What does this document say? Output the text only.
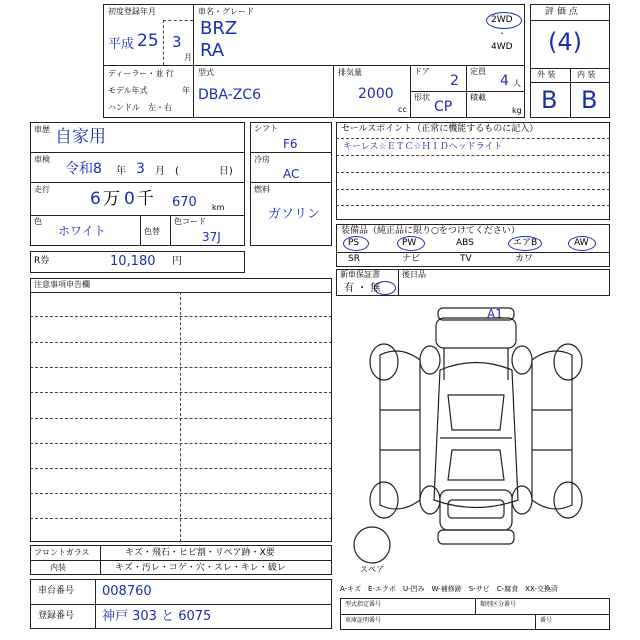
初度登録年月
平成 25 3
月
車名・グレード
BRZ
RA
2WD
・
4WD
ディーラー・並 行
モデル年式	年
ハンドル　左・右
型式
DBA-ZC6
排気量
2000
cc
ドア
2
定員
4 人
形状
CP
積載
kg
評 価 点
(4)
外 装	内 装
B B
車歴 自家用
車検
令和8 年 3 月 (　　　　日)
走行 6 万 0 千 670 km
色
ホワイト	色替
色コード
37J
R券	10,180 円
シフト
F6
冷房
AC
燃料
ガソリン
セールスポイント（正常に機能するものに記入）
キーレス☆ＥＴＣ☆ＨＩＤヘッドライト
装備品（純正品に限り○をつけてください）
PS	PW	ABS	エアB	AW
SR	ナビ	TV	カワ
新車保証書
有 ・ 無
後日品
注意事項申告欄
A1
スペア
フロントガラス	キズ・飛石・ヒビ割・リペア跡・X要
内装	キズ・汚レ・コゲ・穴・スレ・キレ・破レ
車台番号 008760
登録番号 神戸 303 と 6075
A-キズ　E-エクボ　U-凹み　W-補修跡　S-サビ　C-腐食　XX-交換済
型式指定番号	類別区分番号
車庫証明番号	番号
